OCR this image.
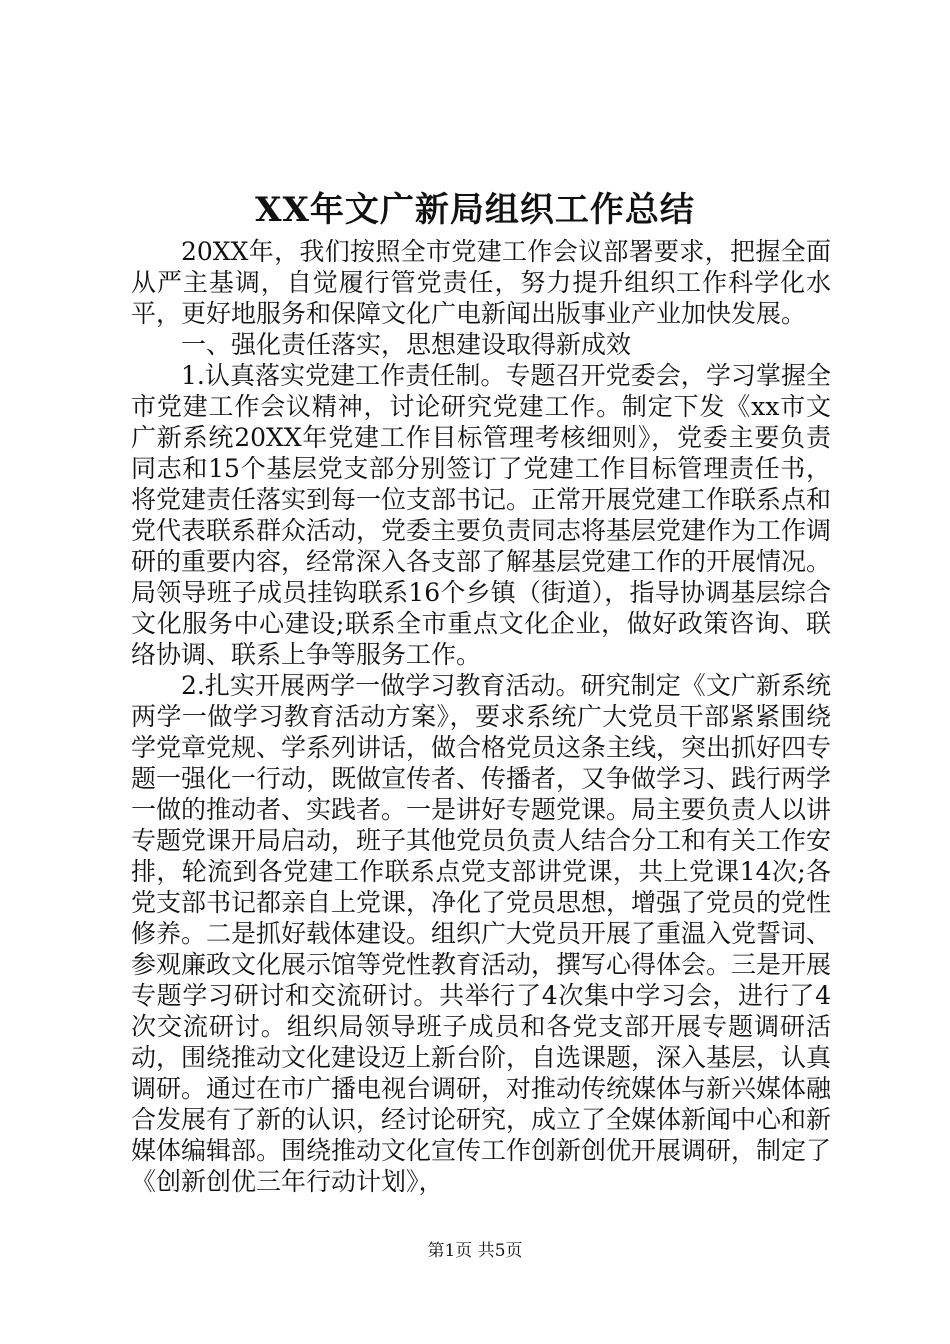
XX年文广新局组织工作总结

20XX年，我们按照全市党建工作会议部署要求，把握全面从严主基调，自觉履行管党责任，努力提升组织工作科学化水平，更好地服务和保障文化广电新闻出版事业产业加快发展。

一、强化责任落实，思想建设取得新成效

1.认真落实党建工作责任制。专题召开党委会，学习掌握全市党建工作会议精神，讨论研究党建工作。制定下发《xx市文广新系统20XX年党建工作目标管理考核细则》，党委主要负责同志和15个基层党支部分别签订了党建工作目标管理责任书，将党建责任落实到每一位支部书记。正常开展党建工作联系点和党代表联系群众活动，党委主要负责同志将基层党建作为工作调研的重要内容，经常深入各支部了解基层党建工作的开展情况。局领导班子成员挂钩联系16个乡镇（街道），指导协调基层综合文化服务中心建设;联系全市重点文化企业，做好政策咨询、联络协调、联系上争等服务工作。

2.扎实开展两学一做学习教育活动。研究制定《文广新系统两学一做学习教育活动方案》，要求系统广大党员干部紧紧围绕学党章党规、学系列讲话，做合格党员这条主线，突出抓好四专题一强化一行动，既做宣传者、传播者，又争做学习、践行两学一做的推动者、实践者。一是讲好专题党课。局主要负责人以讲专题党课开局启动，班子其他党员负责人结合分工和有关工作安排，轮流到各党建工作联系点党支部讲党课，共上党课14次;各党支部书记都亲自上党课，净化了党员思想，增强了党员的党性修养。二是抓好载体建设。组织广大党员开展了重温入党誓词、参观廉政文化展示馆等党性教育活动，撰写心得体会。三是开展专题学习研讨和交流研讨。共举行了4次集中学习会，进行了4次交流研讨。组织局领导班子成员和各党支部开展专题调研活动，围绕推动文化建设迈上新台阶，自选课题，深入基层，认真调研。通过在市广播电视台调研，对推动传统媒体与新兴媒体融合发展有了新的认识，经讨论研究，成立了全媒体新闻中心和新媒体编辑部。围绕推动文化宣传工作创新创优开展调研，制定了《创新创优三年行动计划》，

第1页 共5页
